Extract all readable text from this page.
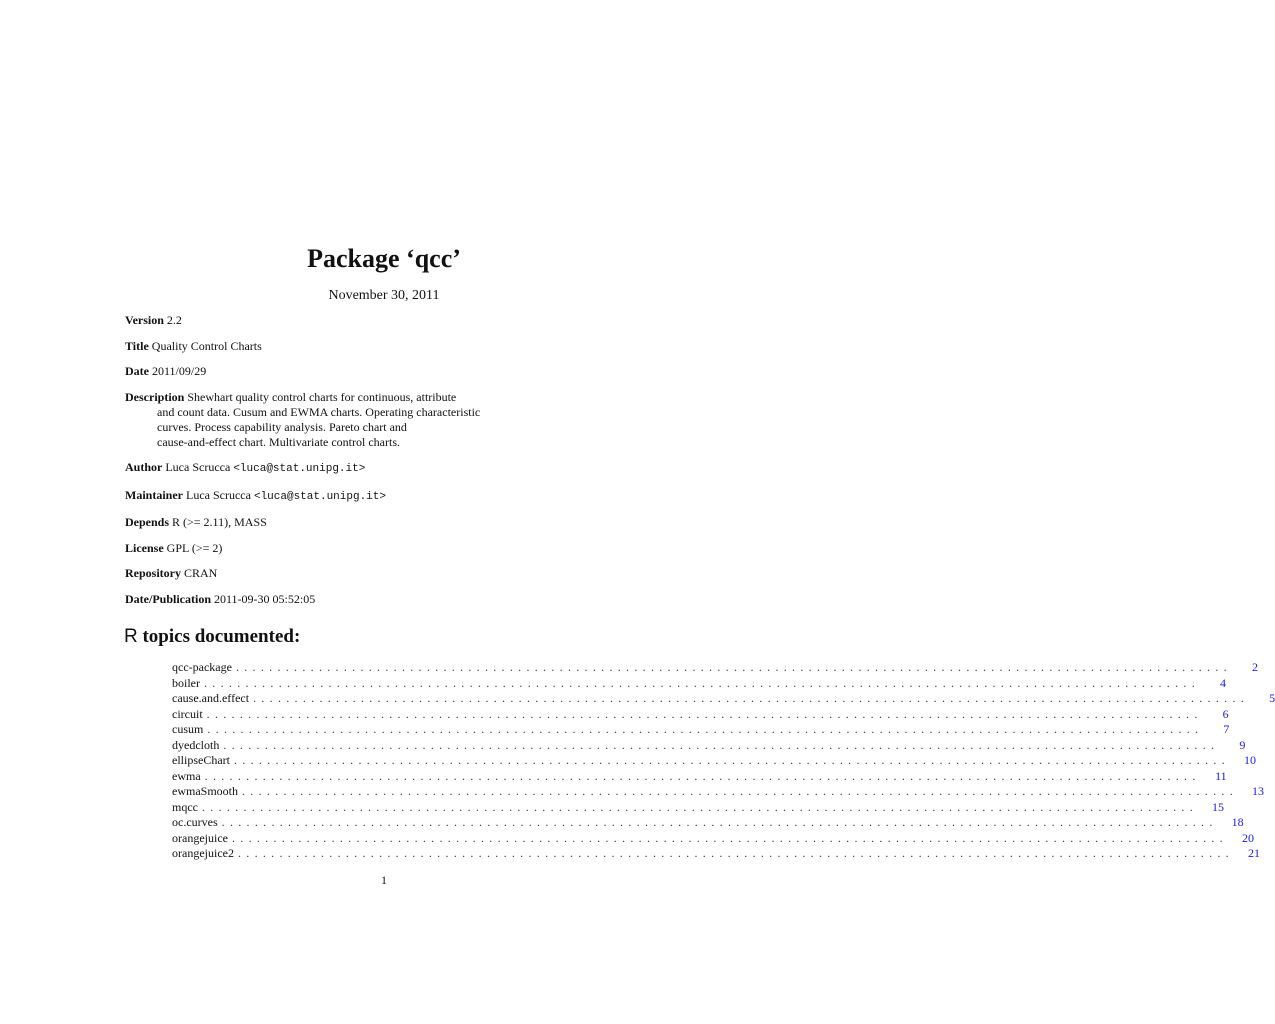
Package ‘qcc’
November 30, 2011
Version 2.2
Title Quality Control Charts
Date 2011/09/29
Description Shewhart quality control charts for continuous, attribute
and count data. Cusum and EWMA charts. Operating characteristic
curves. Process capability analysis. Pareto chart and
cause-and-effect chart. Multivariate control charts.
Author Luca Scrucca <luca@stat.unipg.it>
Maintainer Luca Scrucca <luca@stat.unipg.it>
Depends R (>= 2.11), MASS
License GPL (>= 2)
Repository CRAN
Date/Publication 2011-09-30 05:52:05
R topics documented:
qcc-package ........................................................................................................................	2
boiler ........................................................................................................................	4
cause.and.effect ........................................................................................................................	5
circuit ........................................................................................................................	6
cusum ........................................................................................................................	7
dyedcloth ........................................................................................................................	9
ellipseChart ........................................................................................................................	10
ewma ........................................................................................................................	11
ewmaSmooth ........................................................................................................................	13
mqcc ........................................................................................................................	15
oc.curves ........................................................................................................................	18
orangejuice ........................................................................................................................	20
orangejuice2 ........................................................................................................................	21
1
